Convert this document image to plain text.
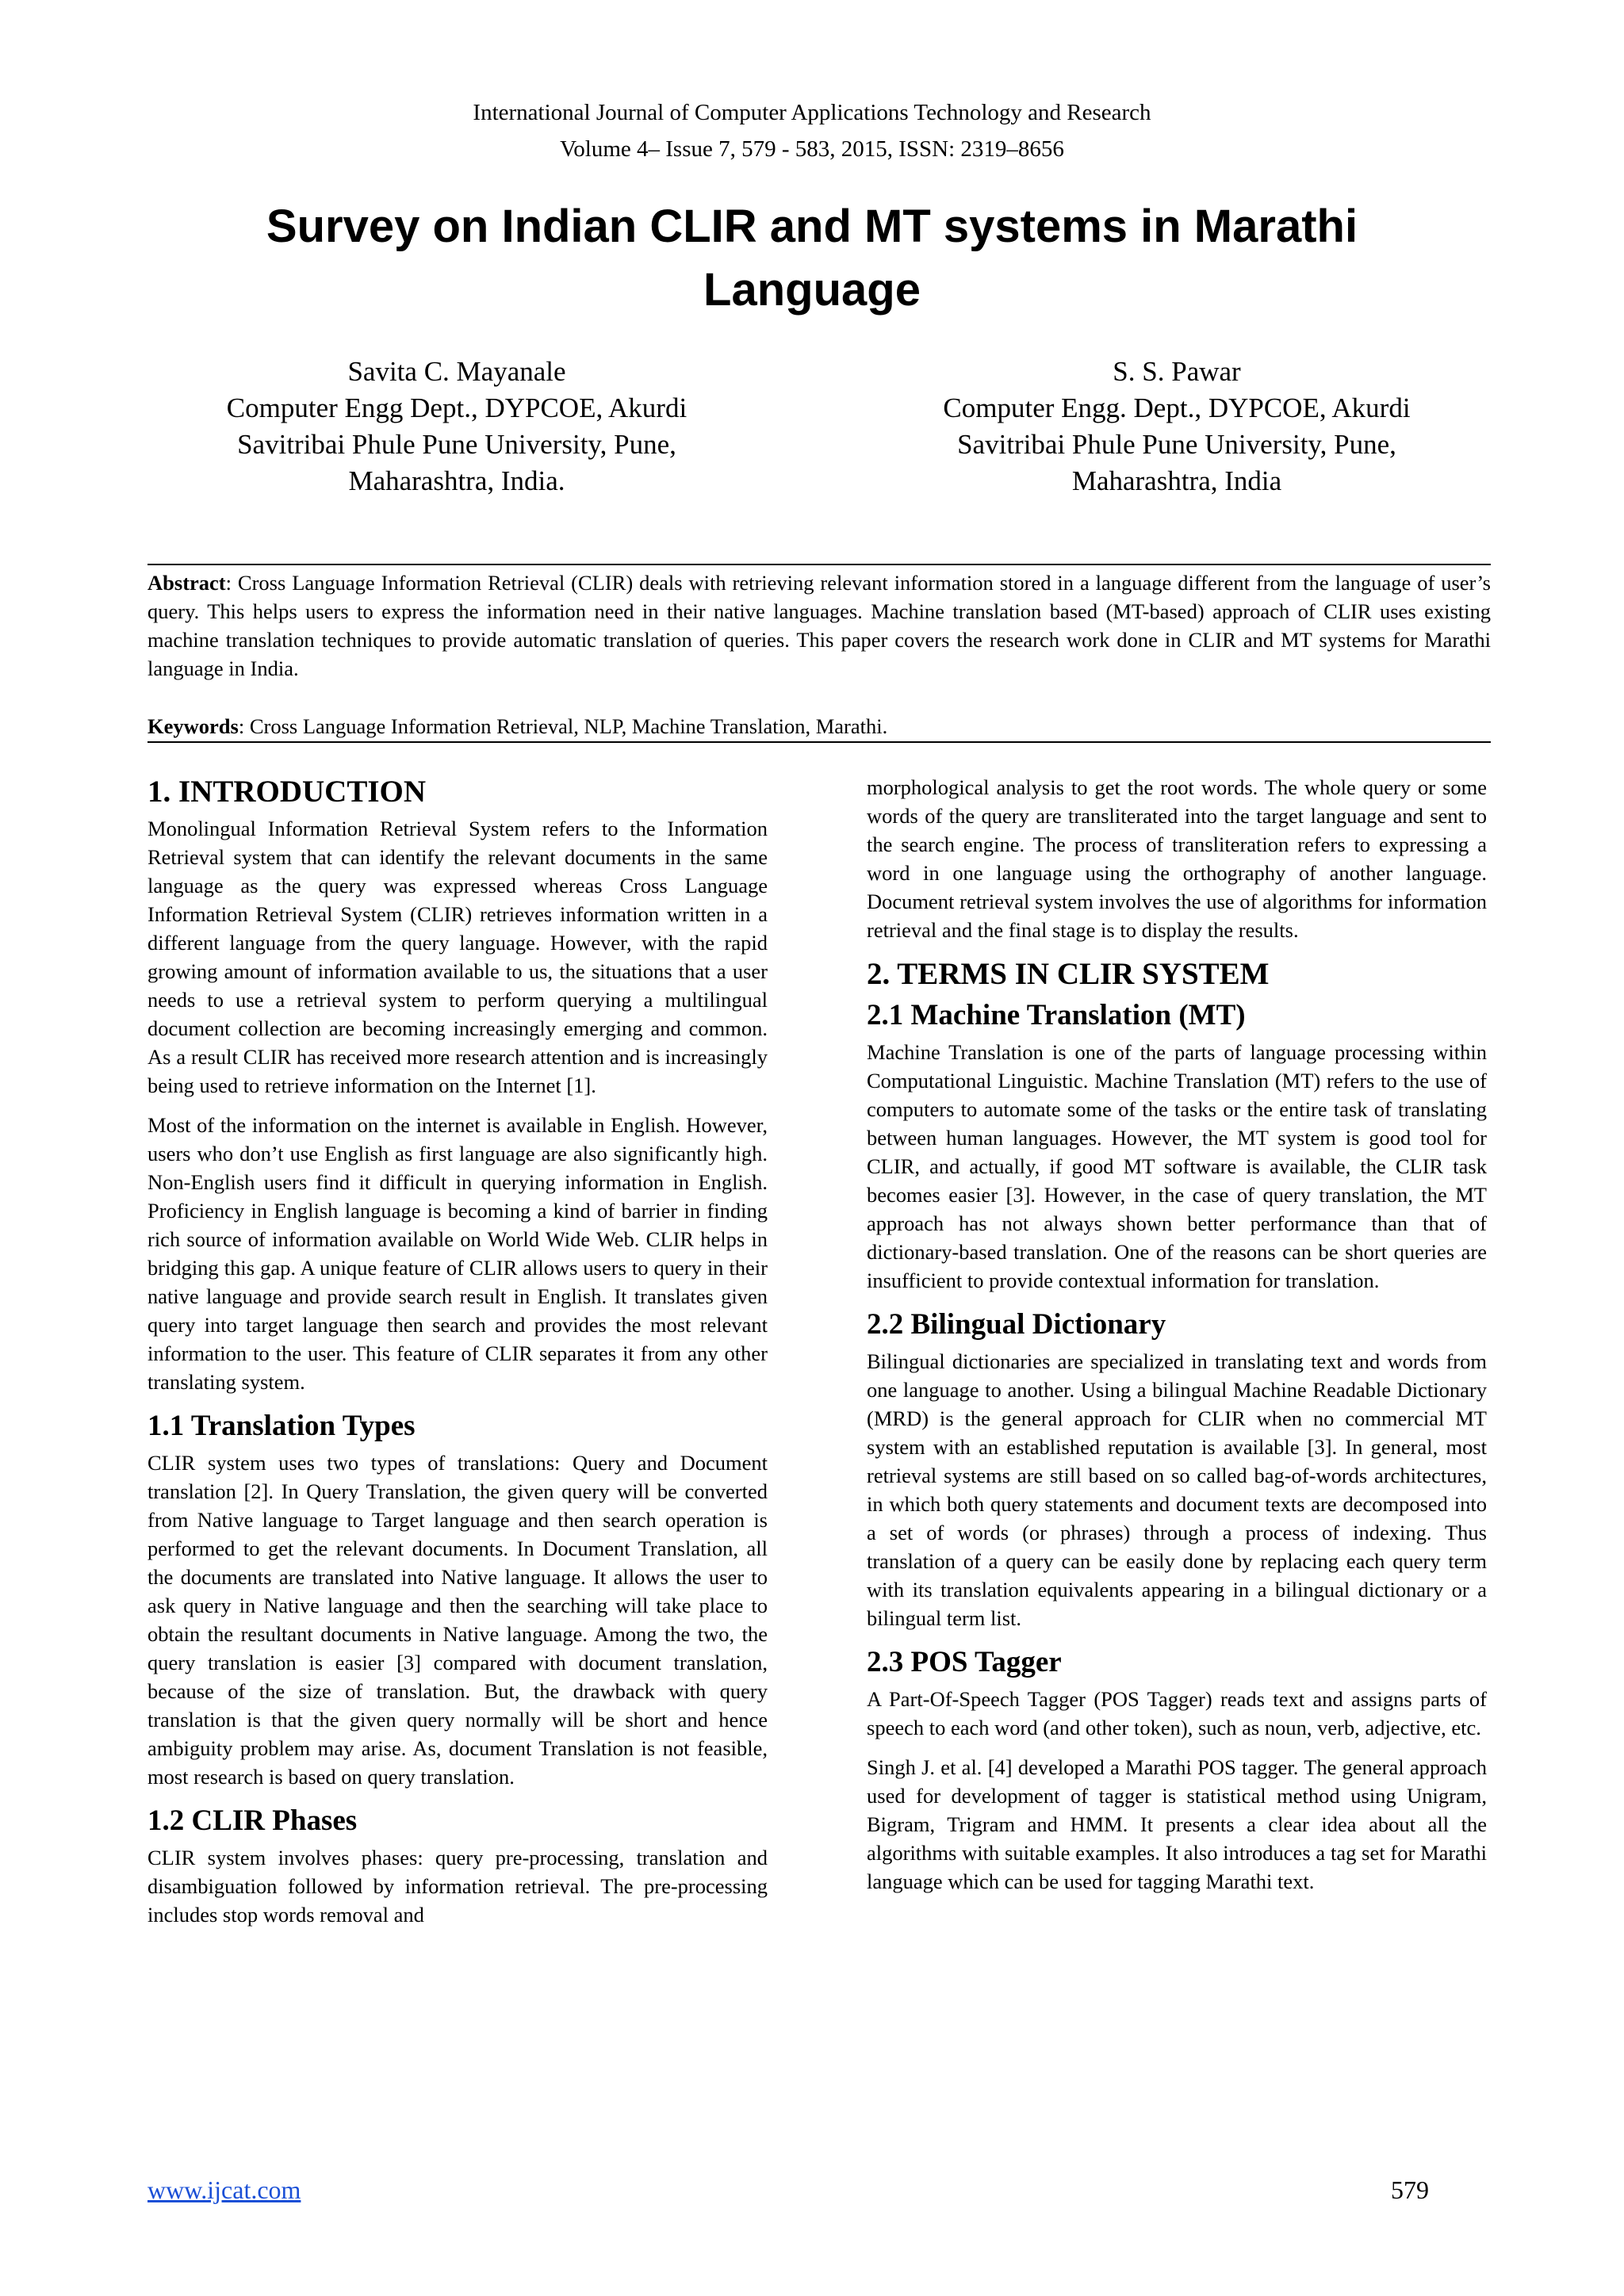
International Journal of Computer Applications Technology and Research
Volume 4– Issue 7, 579 - 583, 2015, ISSN: 2319–8656
Survey on Indian CLIR and MT systems in Marathi
Language
Savita C. Mayanale
Computer Engg Dept., DYPCOE, Akurdi
Savitribai Phule Pune University, Pune,
Maharashtra, India.
S. S. Pawar
Computer Engg. Dept., DYPCOE, Akurdi
Savitribai Phule Pune University, Pune,
Maharashtra, India
Abstract: Cross Language Information Retrieval (CLIR) deals with retrieving relevant information stored in a language different from the language of user’s query. This helps users to express the information need in their native languages. Machine translation based (MT-based) approach of CLIR uses existing machine translation techniques to provide automatic translation of queries. This paper covers the research work done in CLIR and MT systems for Marathi language in India.
Keywords: Cross Language Information Retrieval, NLP, Machine Translation, Marathi.
1. INTRODUCTION

Monolingual Information Retrieval System refers to the Information Retrieval system that can identify the relevant documents in the same language as the query was expressed whereas Cross Language Information Retrieval System (CLIR) retrieves information written in a different language from the query language. However, with the rapid growing amount of information available to us, the situations that a user needs to use a retrieval system to perform querying a multilingual document collection are becoming increasingly emerging and common. As a result CLIR has received more research attention and is increasingly being used to retrieve information on the Internet [1].

Most of the information on the internet is available in English. However, users who don’t use English as first language are also significantly high. Non-English users find it difficult in querying information in English. Proficiency in English language is becoming a kind of barrier in finding rich source of information available on World Wide Web. CLIR helps in bridging this gap. A unique feature of CLIR allows users to query in their native language and provide search result in English. It translates given query into target language then search and provides the most relevant information to the user. This feature of CLIR separates it from any other translating system.

1.1 Translation Types

CLIR system uses two types of translations: Query and Document translation [2]. In Query Translation, the given query will be converted from Native language to Target language and then search operation is performed to get the relevant documents. In Document Translation, all the documents are translated into Native language. It allows the user to ask query in Native language and then the searching will take place to obtain the resultant documents in Native language. Among the two, the query translation is easier [3] compared with document translation, because of the size of translation. But, the drawback with query translation is that the given query normally will be short and hence ambiguity problem may arise. As, document Translation is not feasible, most research is based on query translation.

1.2 CLIR Phases

CLIR system involves phases: query pre-processing, translation and disambiguation followed by information retrieval. The pre-processing includes stop words removal and

morphological analysis to get the root words. The whole query or some words of the query are transliterated into the target language and sent to the search engine. The process of transliteration refers to expressing a word in one language using the orthography of another language. Document retrieval system involves the use of algorithms for information retrieval and the final stage is to display the results.

2. TERMS IN CLIR SYSTEM
2.1 Machine Translation (MT)

Machine Translation is one of the parts of language processing within Computational Linguistic. Machine Translation (MT) refers to the use of computers to automate some of the tasks or the entire task of translating between human languages. However, the MT system is good tool for CLIR, and actually, if good MT software is available, the CLIR task becomes easier [3]. However, in the case of query translation, the MT approach has not always shown better performance than that of dictionary-based translation. One of the reasons can be short queries are insufficient to provide contextual information for translation.

2.2 Bilingual Dictionary

Bilingual dictionaries are specialized in translating text and words from one language to another. Using a bilingual Machine Readable Dictionary (MRD) is the general approach for CLIR when no commercial MT system with an established reputation is available [3]. In general, most retrieval systems are still based on so called bag-of-words architectures, in which both query statements and document texts are decomposed into a set of words (or phrases) through a process of indexing. Thus translation of a query can be easily done by replacing each query term with its translation equivalents appearing in a bilingual dictionary or a bilingual term list.

2.3 POS Tagger

A Part-Of-Speech Tagger (POS Tagger) reads text and assigns parts of speech to each word (and other token), such as noun, verb, adjective, etc.

Singh J. et al. [4] developed a Marathi POS tagger. The general approach used for development of tagger is statistical method using Unigram, Bigram, Trigram and HMM. It presents a clear idea about all the algorithms with suitable examples. It also introduces a tag set for Marathi language which can be used for tagging Marathi text.

www.ijcat.com	579
